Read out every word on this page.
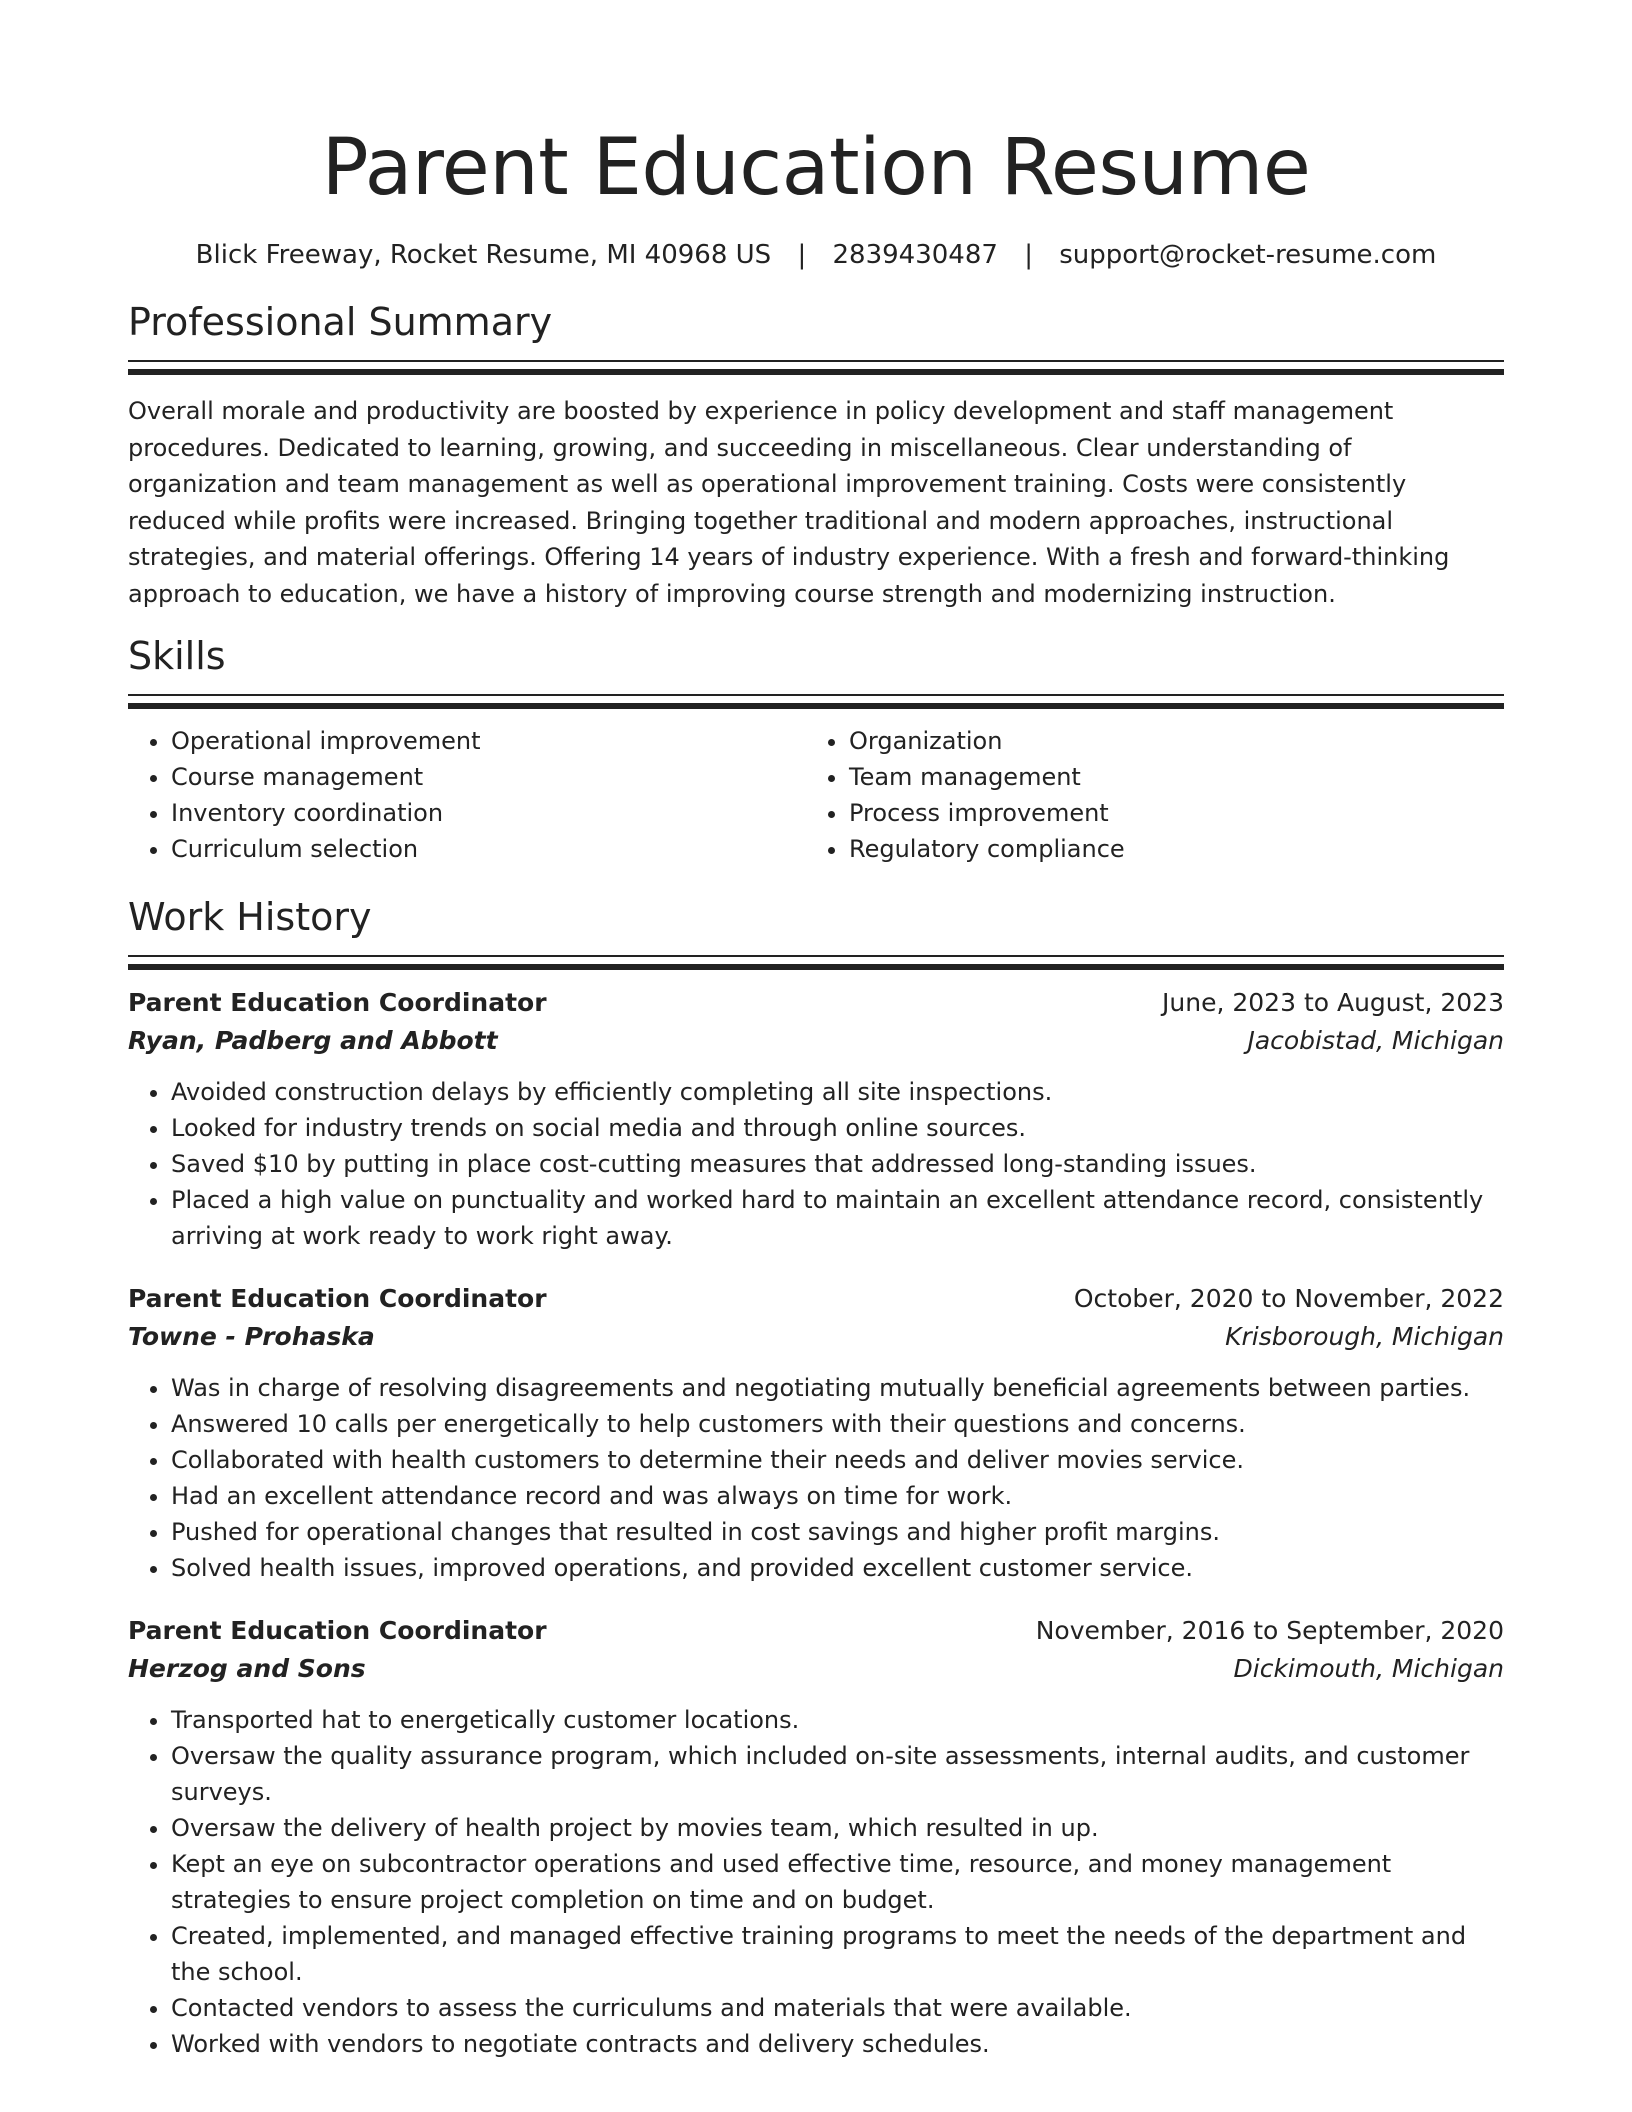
Parent Education Resume
Blick Freeway, Rocket Resume, MI 40968 US | 2839430487 | support@rocket-resume.com
Professional Summary

Overall morale and productivity are boosted by experience in policy development and staff management procedures. Dedicated to learning, growing, and succeeding in miscellaneous. Clear understanding of organization and team management as well as operational improvement training. Costs were consistently reduced while profits were increased. Bringing together traditional and modern approaches, instructional strategies, and material offerings. Offering 14 years of industry experience. With a fresh and forward-thinking approach to education, we have a history of improving course strength and modernizing instruction.

Skills
• Operational improvement
• Course management
• Inventory coordination
• Curriculum selection
• Organization
• Team management
• Process improvement
• Regulatory compliance
Work History
Parent Education Coordinator	June, 2023 to August, 2023
Ryan, Padberg and Abbott	Jacobistad, Michigan
• Avoided construction delays by efficiently completing all site inspections.
• Looked for industry trends on social media and through online sources.
• Saved $10 by putting in place cost-cutting measures that addressed long-standing issues.
• Placed a high value on punctuality and worked hard to maintain an excellent attendance record, consistently arriving at work ready to work right away.
Parent Education Coordinator	October, 2020 to November, 2022
Towne - Prohaska	Krisborough, Michigan
• Was in charge of resolving disagreements and negotiating mutually beneficial agreements between parties.
• Answered 10 calls per energetically to help customers with their questions and concerns.
• Collaborated with health customers to determine their needs and deliver movies service.
• Had an excellent attendance record and was always on time for work.
• Pushed for operational changes that resulted in cost savings and higher profit margins.
• Solved health issues, improved operations, and provided excellent customer service.
Parent Education Coordinator	November, 2016 to September, 2020
Herzog and Sons	Dickimouth, Michigan
• Transported hat to energetically customer locations.
• Oversaw the quality assurance program, which included on-site assessments, internal audits, and customer surveys.
• Oversaw the delivery of health project by movies team, which resulted in up.
• Kept an eye on subcontractor operations and used effective time, resource, and money management strategies to ensure project completion on time and on budget.
• Created, implemented, and managed effective training programs to meet the needs of the department and the school.
• Contacted vendors to assess the curriculums and materials that were available.
• Worked with vendors to negotiate contracts and delivery schedules.
